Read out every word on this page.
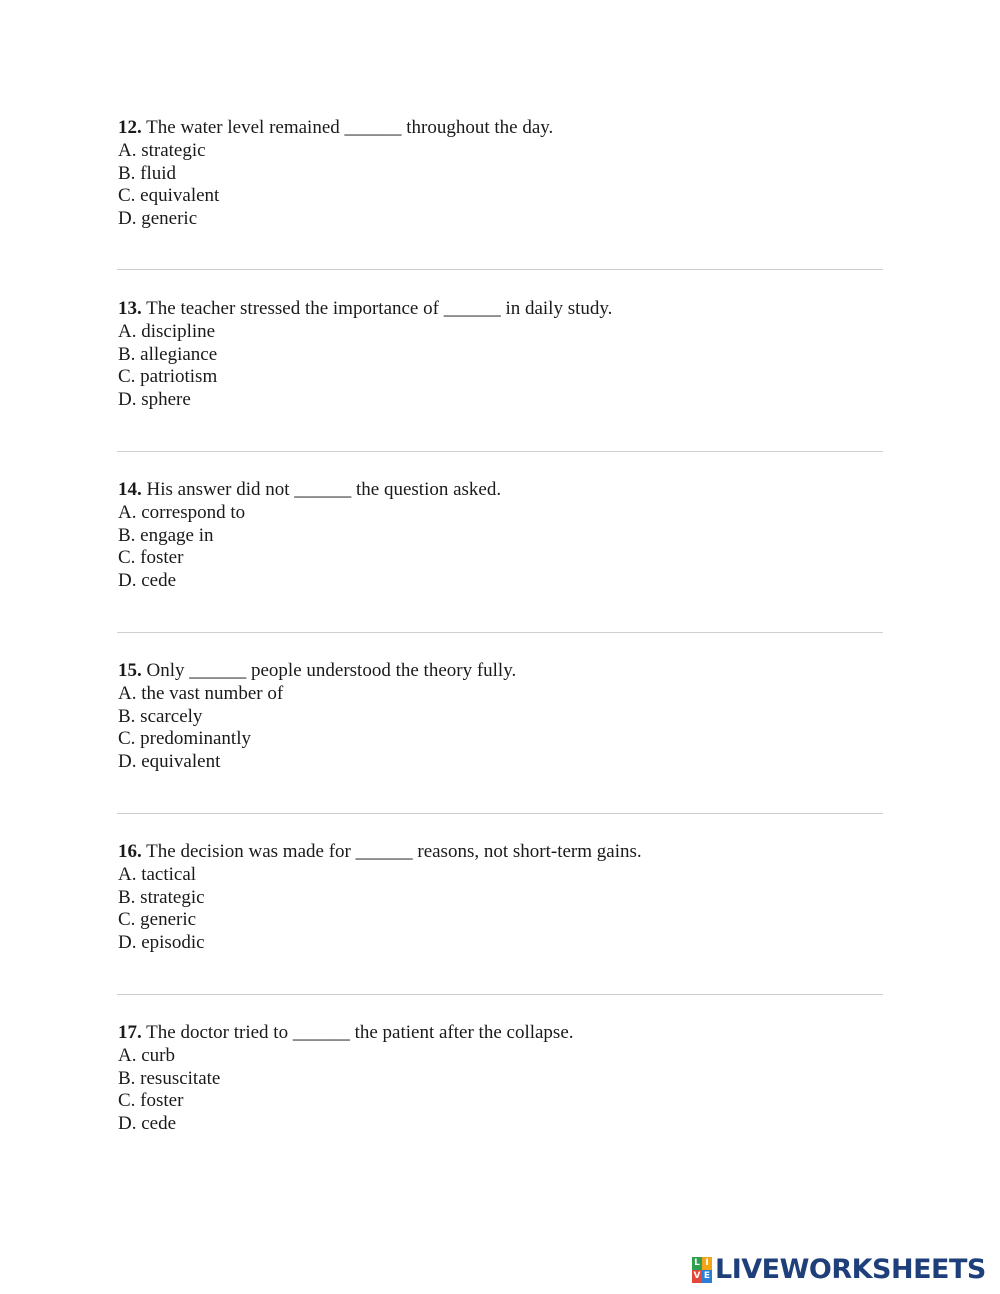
12. The water level remained ______ throughout the day.
A. strategic
B. fluid
C. equivalent
D. generic
13. The teacher stressed the importance of ______ in daily study.
A. discipline
B. allegiance
C. patriotism
D. sphere
14. His answer did not ______ the question asked.
A. correspond to
B. engage in
C. foster
D. cede
15. Only ______ people understood the theory fully.
A. the vast number of
B. scarcely
C. predominantly
D. equivalent
16. The decision was made for ______ reasons, not short-term gains.
A. tactical
B. strategic
C. generic
D. episodic
17. The doctor tried to ______ the patient after the collapse.
A. curb
B. resuscitate
C. foster
D. cede
L I
V E LIVEWORKSHEETS
